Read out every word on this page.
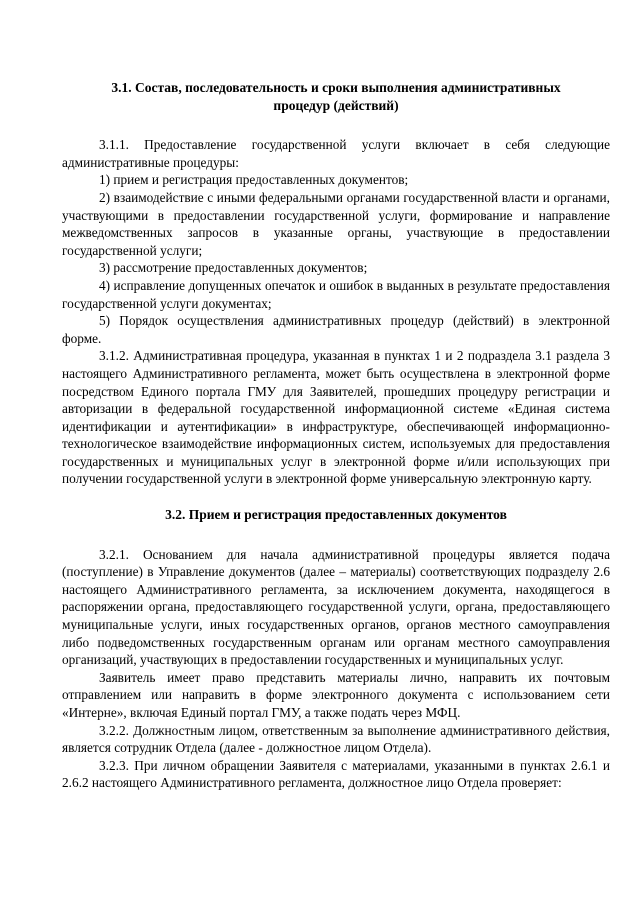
3.1. Состав, последовательность и сроки выполнения административных процедур (действий)

3.1.1. Предоставление государственной услуги включает в себя следующие административные процедуры:

1) прием и регистрация предоставленных документов;

2) взаимодействие с иными федеральными органами государственной власти и органами, участвующими в предоставлении государственной услуги, формирование и направление межведомственных запросов в указанные органы, участвующие в предоставлении государственной услуги;

3) рассмотрение предоставленных документов;

4) исправление допущенных опечаток и ошибок в выданных в результате предоставления государственной услуги документах;

5) Порядок осуществления административных процедур (действий) в электронной форме.

3.1.2. Административная процедура, указанная в пунктах 1 и 2 подраздела 3.1 раздела 3 настоящего Административного регламента, может быть осуществлена в электронной форме посредством Единого портала ГМУ для Заявителей, прошедших процедуру регистрации и авторизации в федеральной государственной информационной системе «Единая система идентификации и аутентификации» в инфраструктуре, обеспечивающей информационно-технологическое взаимодействие информационных систем, используемых для предоставления государственных и муниципальных услуг в электронной форме и/или использующих при получении государственной услуги в электронной форме универсальную электронную карту.

3.2. Прием и регистрация предоставленных документов

3.2.1. Основанием для начала административной процедуры является подача (поступление) в Управление документов (далее – материалы) соответствующих подразделу 2.6 настоящего Административного регламента, за исключением документа, находящегося в распоряжении органа, предоставляющего государственной услуги, органа, предоставляющего муниципальные услуги, иных государственных органов, органов местного самоуправления либо подведомственных государственным органам или органам местного самоуправления организаций, участвующих в предоставлении государственных и муниципальных услуг.

Заявитель имеет право представить материалы лично, направить их почтовым отправлением или направить в форме электронного документа с использованием сети «Интерне», включая Единый портал ГМУ, а также подать через МФЦ.

3.2.2. Должностным лицом, ответственным за выполнение административного действия, является сотрудник Отдела (далее - должностное лицом Отдела).

3.2.3. При личном обращении Заявителя с материалами, указанными в пунктах 2.6.1 и 2.6.2 настоящего Административного регламента, должностное лицо Отдела проверяет:
